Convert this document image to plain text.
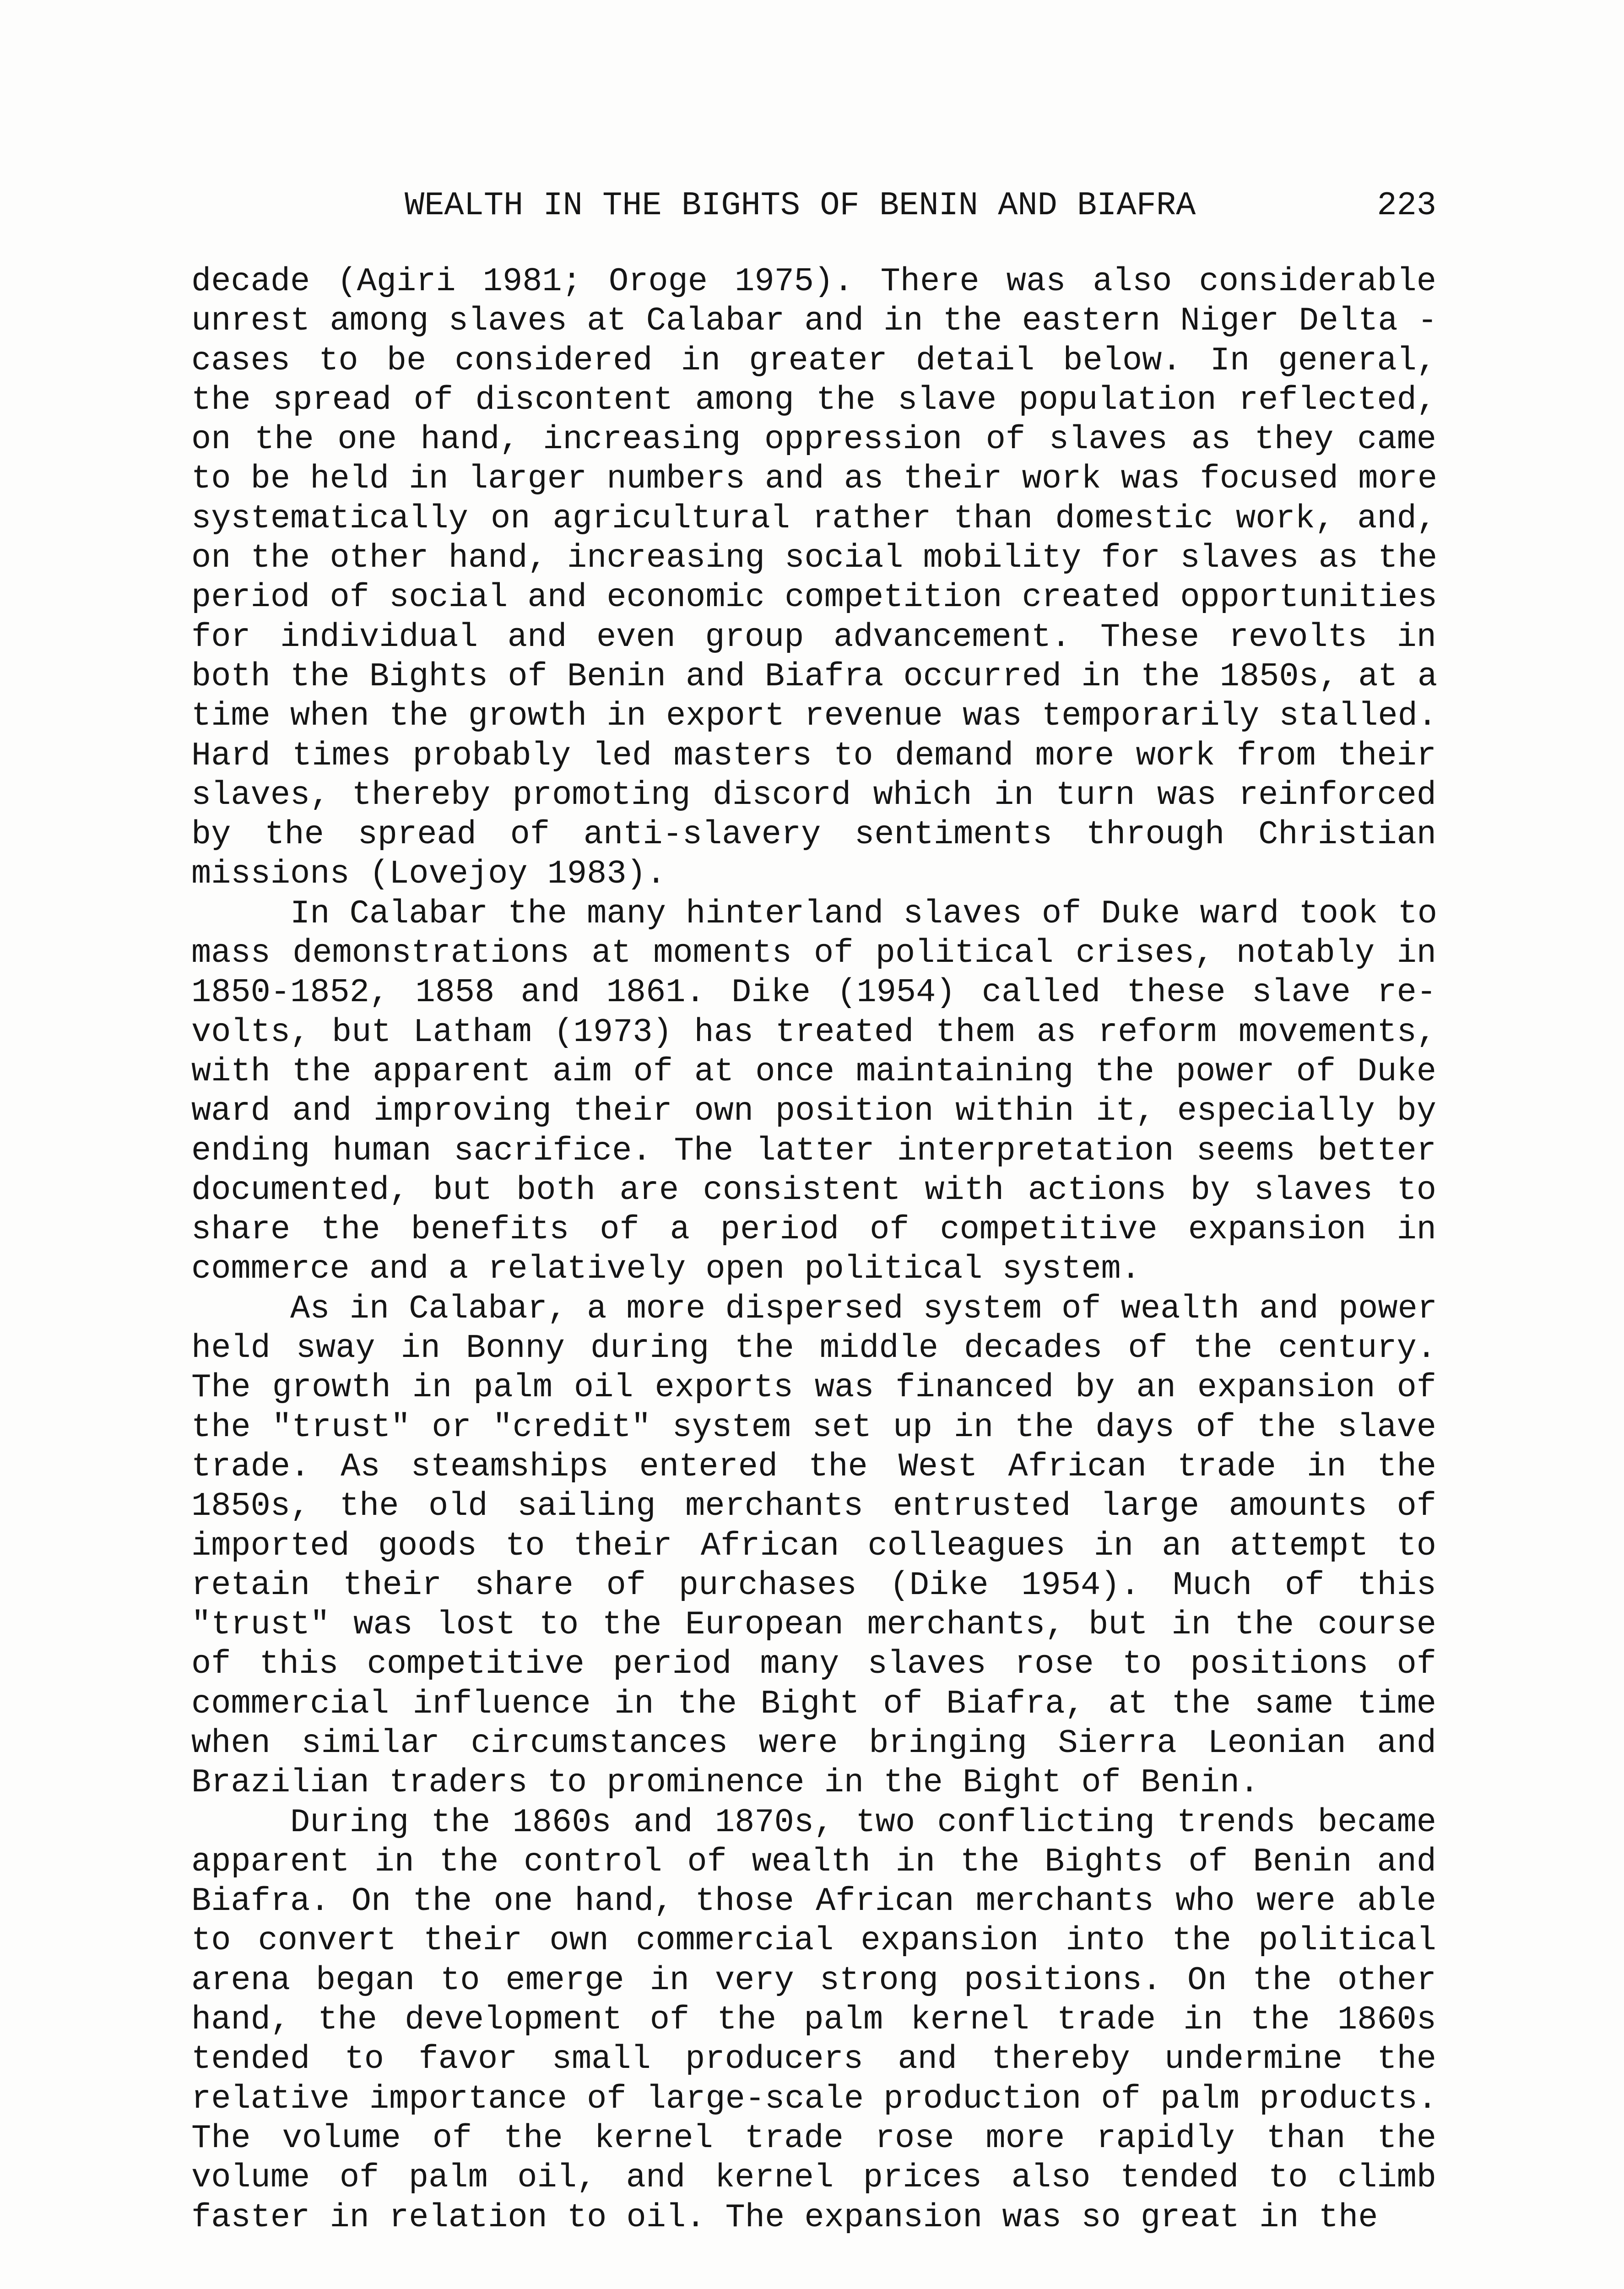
WEALTH IN THE BIGHTS OF BENIN AND BIAFRA	223
decade (Agiri 1981; Oroge 1975). There was also considerable
unrest among slaves at Calabar and in the eastern Niger Delta -
cases to be considered in greater detail below. In general,
the spread of discontent among the slave population reflected,
on the one hand, increasing oppression of slaves as they came
to be held in larger numbers and as their work was focused more
systematically on agricultural rather than domestic work, and,
on the other hand, increasing social mobility for slaves as the
period of social and economic competition created opportunities
for individual and even group advancement. These revolts in
both the Bights of Benin and Biafra occurred in the 1850s, at a
time when the growth in export revenue was temporarily stalled.
Hard times probably led masters to demand more work from their
slaves, thereby promoting discord which in turn was reinforced
by the spread of anti-slavery sentiments through Christian
missions (Lovejoy 1983).
In Calabar the many hinterland slaves of Duke ward took to
mass demonstrations at moments of political crises, notably in
1850-1852, 1858 and 1861. Dike (1954) called these slave re-
volts, but Latham (1973) has treated them as reform movements,
with the apparent aim of at once maintaining the power of Duke
ward and improving their own position within it, especially by
ending human sacrifice. The latter interpretation seems better
documented, but both are consistent with actions by slaves to
share the benefits of a period of competitive expansion in
commerce and a relatively open political system.
As in Calabar, a more dispersed system of wealth and power
held sway in Bonny during the middle decades of the century.
The growth in palm oil exports was financed by an expansion of
the "trust" or "credit" system set up in the days of the slave
trade. As steamships entered the West African trade in the
1850s, the old sailing merchants entrusted large amounts of
imported goods to their African colleagues in an attempt to
retain their share of purchases (Dike 1954). Much of this
"trust" was lost to the European merchants, but in the course
of this competitive period many slaves rose to positions of
commercial influence in the Bight of Biafra, at the same time
when similar circumstances were bringing Sierra Leonian and
Brazilian traders to prominence in the Bight of Benin.
During the 1860s and 1870s, two conflicting trends became
apparent in the control of wealth in the Bights of Benin and
Biafra. On the one hand, those African merchants who were able
to convert their own commercial expansion into the political
arena began to emerge in very strong positions. On the other
hand, the development of the palm kernel trade in the 1860s
tended to favor small producers and thereby undermine the
relative importance of large-scale production of palm products.
The volume of the kernel trade rose more rapidly than the
volume of palm oil, and kernel prices also tended to climb
faster in relation to oil. The expansion was so great in the
